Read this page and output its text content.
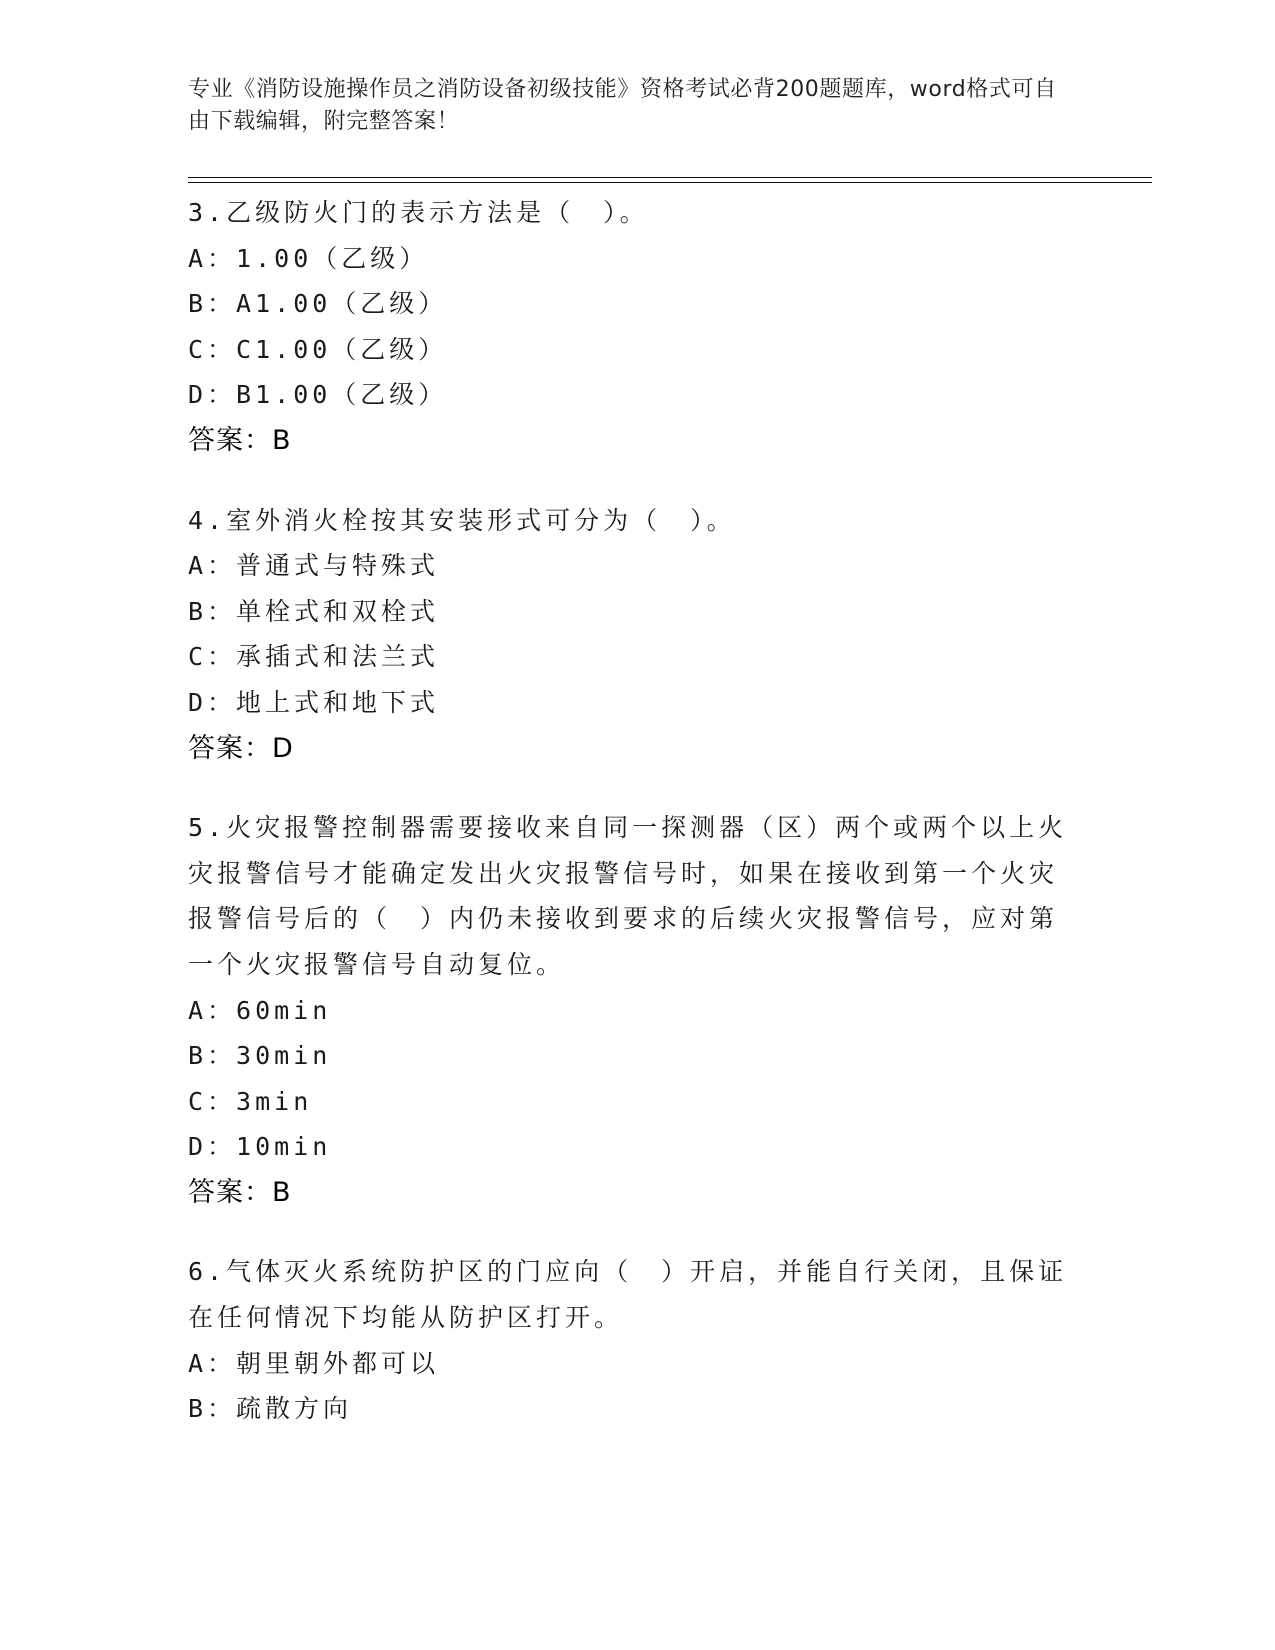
专业《消防设施操作员之消防设备初级技能》资格考试必背200题题库，word格式可自由下载编辑，附完整答案！

3.乙级防火门的表示方法是（　）。

A：1.00（乙级）

B：A1.00（乙级）

C：C1.00（乙级）

D：B1.00（乙级）

答案：B

4.室外消火栓按其安装形式可分为（　）。

A：普通式与特殊式

B：单栓式和双栓式

C：承插式和法兰式

D：地上式和地下式

答案：D

5.火灾报警控制器需要接收来自同一探测器（区）两个或两个以上火灾报警信号才能确定发出火灾报警信号时，如果在接收到第一个火灾报警信号后的（　）内仍未接收到要求的后续火灾报警信号，应对第一个火灾报警信号自动复位。

A：60min

B：30min

C：3min

D：10min

答案：B

6.气体灭火系统防护区的门应向（　）开启，并能自行关闭，且保证在任何情况下均能从防护区打开。

A：朝里朝外都可以

B：疏散方向
